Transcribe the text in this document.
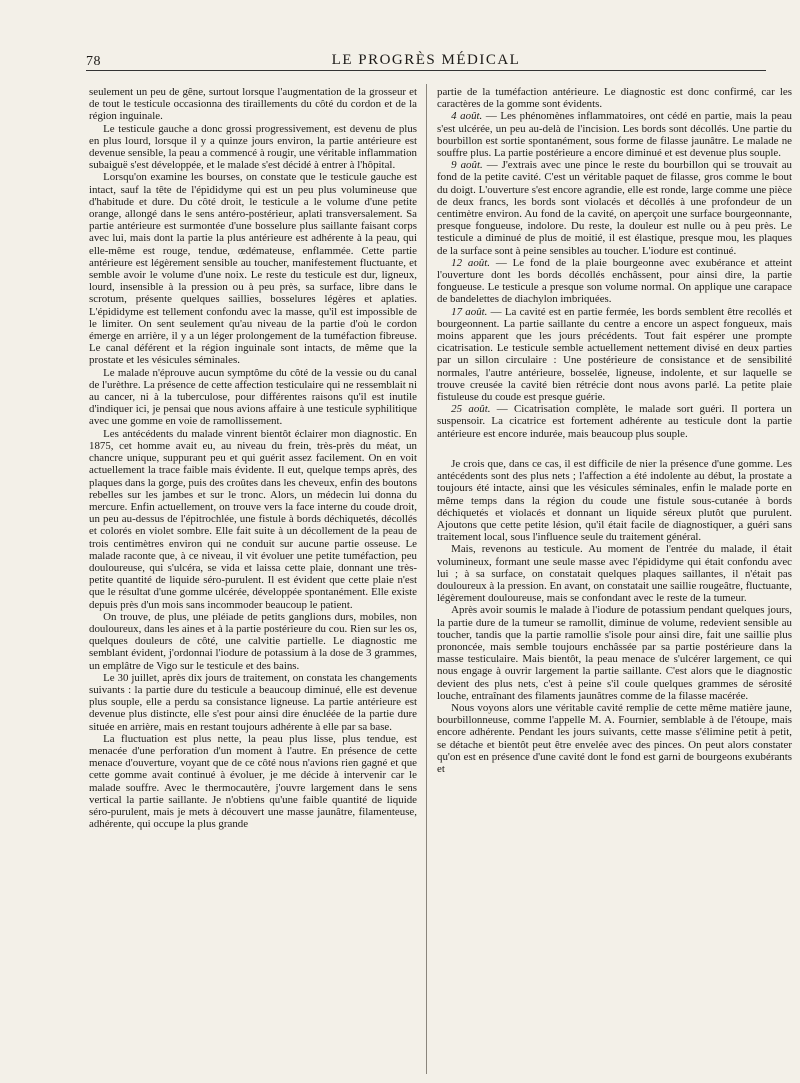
78	LE PROGRÈS MÉDICAL

seulement un peu de gêne, surtout lorsque l'augmentation de la grosseur et de tout le testicule occasionna des tiraillements du côté du cordon et de la région inguinale.

Le testicule gauche a donc grossi progressivement, est devenu de plus en plus lourd, lorsque il y a quinze jours environ, la partie antérieure est devenue sensible, la peau a commencé à rougir, une véritable inflammation subaiguë s'est développée, et le malade s'est décidé à entrer à l'hôpital.

Lorsqu'on examine les bourses, on constate que le testicule gauche est intact, sauf la tête de l'épididyme qui est un peu plus volumineuse que d'habitude et dure. Du côté droit, le testicule a le volume d'une petite orange, allongé dans le sens antéro-postérieur, aplati transversalement. Sa partie antérieure est surmontée d'une bosselure plus saillante faisant corps avec lui, mais dont la partie la plus antérieure est adhérente à la peau, qui elle-même est rouge, tendue, œdémateuse, enflammée. Cette partie antérieure est légèrement sensible au toucher, manifestement fluctuante, et semble avoir le volume d'une noix. Le reste du testicule est dur, ligneux, lourd, insensible à la pression ou à peu près, sa surface, libre dans le scrotum, présente quelques saillies, bosselures légères et aplaties. L'épididyme est tellement confondu avec la masse, qu'il est impossible de le limiter. On sent seulement qu'au niveau de la partie d'où le cordon émerge en arrière, il y a un léger prolongement de la tuméfaction fibreuse. Le canal déférent et la région inguinale sont intacts, de même que la prostate et les vésicules séminales.

Le malade n'éprouve aucun symptôme du côté de la vessie ou du canal de l'urèthre. La présence de cette affection testiculaire qui ne ressemblait ni au cancer, ni à la tuberculose, pour différentes raisons qu'il est inutile d'indiquer ici, je pensai que nous avions affaire à une testicule syphilitique avec une gomme en voie de ramollissement.

Les antécédents du malade vinrent bientôt éclairer mon diagnostic. En 1875, cet homme avait eu, au niveau du frein, très-près du méat, un chancre unique, suppurant peu et qui guérit assez facilement. On en voit actuellement la trace faible mais évidente. Il eut, quelque temps après, des plaques dans la gorge, puis des croûtes dans les cheveux, enfin des boutons rebelles sur les jambes et sur le tronc. Alors, un médecin lui donna du mercure. Enfin actuellement, on trouve vers la face interne du coude droit, un peu au-dessus de l'épitrochlée, une fistule à bords déchiquetés, décollés et colorés en violet sombre. Elle fait suite à un décollement de la peau de trois centimètres environ qui ne conduit sur aucune partie osseuse. Le malade raconte que, à ce niveau, il vit évoluer une petite tuméfaction, peu douloureuse, qui s'ulcéra, se vida et laissa cette plaie, donnant une très-petite quantité de liquide séro-purulent. Il est évident que cette plaie n'est que le résultat d'une gomme ulcérée, développée spontanément. Elle existe depuis près d'un mois sans incommoder beaucoup le patient.

On trouve, de plus, une pléiade de petits ganglions durs, mobiles, non douloureux, dans les aines et à la partie postérieure du cou. Rien sur les os, quelques douleurs de côté, une calvitie partielle. Le diagnostic me semblant évident, j'ordonnai l'iodure de potassium à la dose de 3 grammes, un emplâtre de Vigo sur le testicule et des bains.

Le 30 juillet, après dix jours de traitement, on constata les changements suivants : la partie dure du testicule a beaucoup diminué, elle est devenue plus souple, elle a perdu sa consistance ligneuse. La partie antérieure est devenue plus distincte, elle s'est pour ainsi dire énucléée de la partie dure située en arrière, mais en restant toujours adhérente à elle par sa base.

La fluctuation est plus nette, la peau plus lisse, plus tendue, est menacée d'une perforation d'un moment à l'autre. En présence de cette menace d'ouverture, voyant que de ce côté nous n'avions rien gagné et que cette gomme avait continué à évoluer, je me décide à intervenir car le malade souffre. Avec le thermocautère, j'ouvre largement dans le sens vertical la partie saillante. Je n'obtiens qu'une faible quantité de liquide séro-purulent, mais je mets à découvert une masse jaunâtre, filamenteuse, adhérente, qui occupe la plus grande

partie de la tuméfaction antérieure. Le diagnostic est donc confirmé, car les caractères de la gomme sont évidents.

4 août. — Les phénomènes inflammatoires, ont cédé en partie, mais la peau s'est ulcérée, un peu au-delà de l'incision. Les bords sont décollés. Une partie du bourbillon est sortie spontanément, sous forme de filasse jaunâtre. Le malade ne souffre plus. La partie postérieure a encore diminué et est devenue plus souple.

9 août. — J'extrais avec une pince le reste du bourbillon qui se trouvait au fond de la petite cavité. C'est un véritable paquet de filasse, gros comme le bout du doigt. L'ouverture s'est encore agrandie, elle est ronde, large comme une pièce de deux francs, les bords sont violacés et décollés à une profondeur de un centimètre environ. Au fond de la cavité, on aperçoit une surface bourgeonnante, presque fongueuse, indolore. Du reste, la douleur est nulle ou à peu près. Le testicule a diminué de plus de moitié, il est élastique, presque mou, les plaques de la surface sont à peine sensibles au toucher. L'iodure est continué.

12 août. — Le fond de la plaie bourgeonne avec exubérance et atteint l'ouverture dont les bords décollés enchâssent, pour ainsi dire, la partie fongueuse. Le testicule a presque son volume normal. On applique une carapace de bandelettes de diachylon imbriquées.

17 août. — La cavité est en partie fermée, les bords semblent être recollés et bourgeonnent. La partie saillante du centre a encore un aspect fongueux, mais moins apparent que les jours précédents. Tout fait espérer une prompte cicatrisation. Le testicule semble actuellement nettement divisé en deux parties par un sillon circulaire : Une postérieure de consistance et de sensibilité normales, l'autre antérieure, bosselée, ligneuse, indolente, et sur laquelle se trouve creusée la cavité bien rétrécie dont nous avons parlé. La petite plaie fistuleuse du coude est presque guérie.

25 août. — Cicatrisation complète, le malade sort guéri. Il portera un suspensoir. La cicatrice est fortement adhérente au testicule dont la partie antérieure est encore indurée, mais beaucoup plus souple.

Je crois que, dans ce cas, il est difficile de nier la présence d'une gomme. Les antécédents sont des plus nets ; l'affection a été indolente au début, la prostate a toujours été intacte, ainsi que les vésicules séminales, enfin le malade porte en même temps dans la région du coude une fistule sous-cutanée à bords déchiquetés et violacés et donnant un liquide séreux plutôt que purulent. Ajoutons que cette petite lésion, qu'il était facile de diagnostiquer, a guéri sans traitement local, sous l'influence seule du traitement général.

Mais, revenons au testicule. Au moment de l'entrée du malade, il était volumineux, formant une seule masse avec l'épididyme qui était confondu avec lui ; à sa surface, on constatait quelques plaques saillantes, il n'était pas douloureux à la pression. En avant, on constatait une saillie rougeâtre, fluctuante, légèrement douloureuse, mais se confondant avec le reste de la tumeur.

Après avoir soumis le malade à l'iodure de potassium pendant quelques jours, la partie dure de la tumeur se ramollit, diminue de volume, redevient sensible au toucher, tandis que la partie ramollie s'isole pour ainsi dire, fait une saillie plus prononcée, mais semble toujours enchâssée par sa partie postérieure dans la masse testiculaire. Mais bientôt, la peau menace de s'ulcérer largement, ce qui nous engage à ouvrir largement la partie saillante. C'est alors que le diagnostic devient des plus nets, c'est à peine s'il coule quelques grammes de sérosité louche, entraînant des filaments jaunâtres comme de la filasse macérée.

Nous voyons alors une véritable cavité remplie de cette même matière jaune, bourbillonneuse, comme l'appelle M. A. Fournier, semblable à de l'étoupe, mais encore adhérente. Pendant les jours suivants, cette masse s'élimine petit à petit, se détache et bientôt peut être envelée avec des pinces. On peut alors constater qu'on est en présence d'une cavité dont le fond est garni de bourgeons exubérants et
